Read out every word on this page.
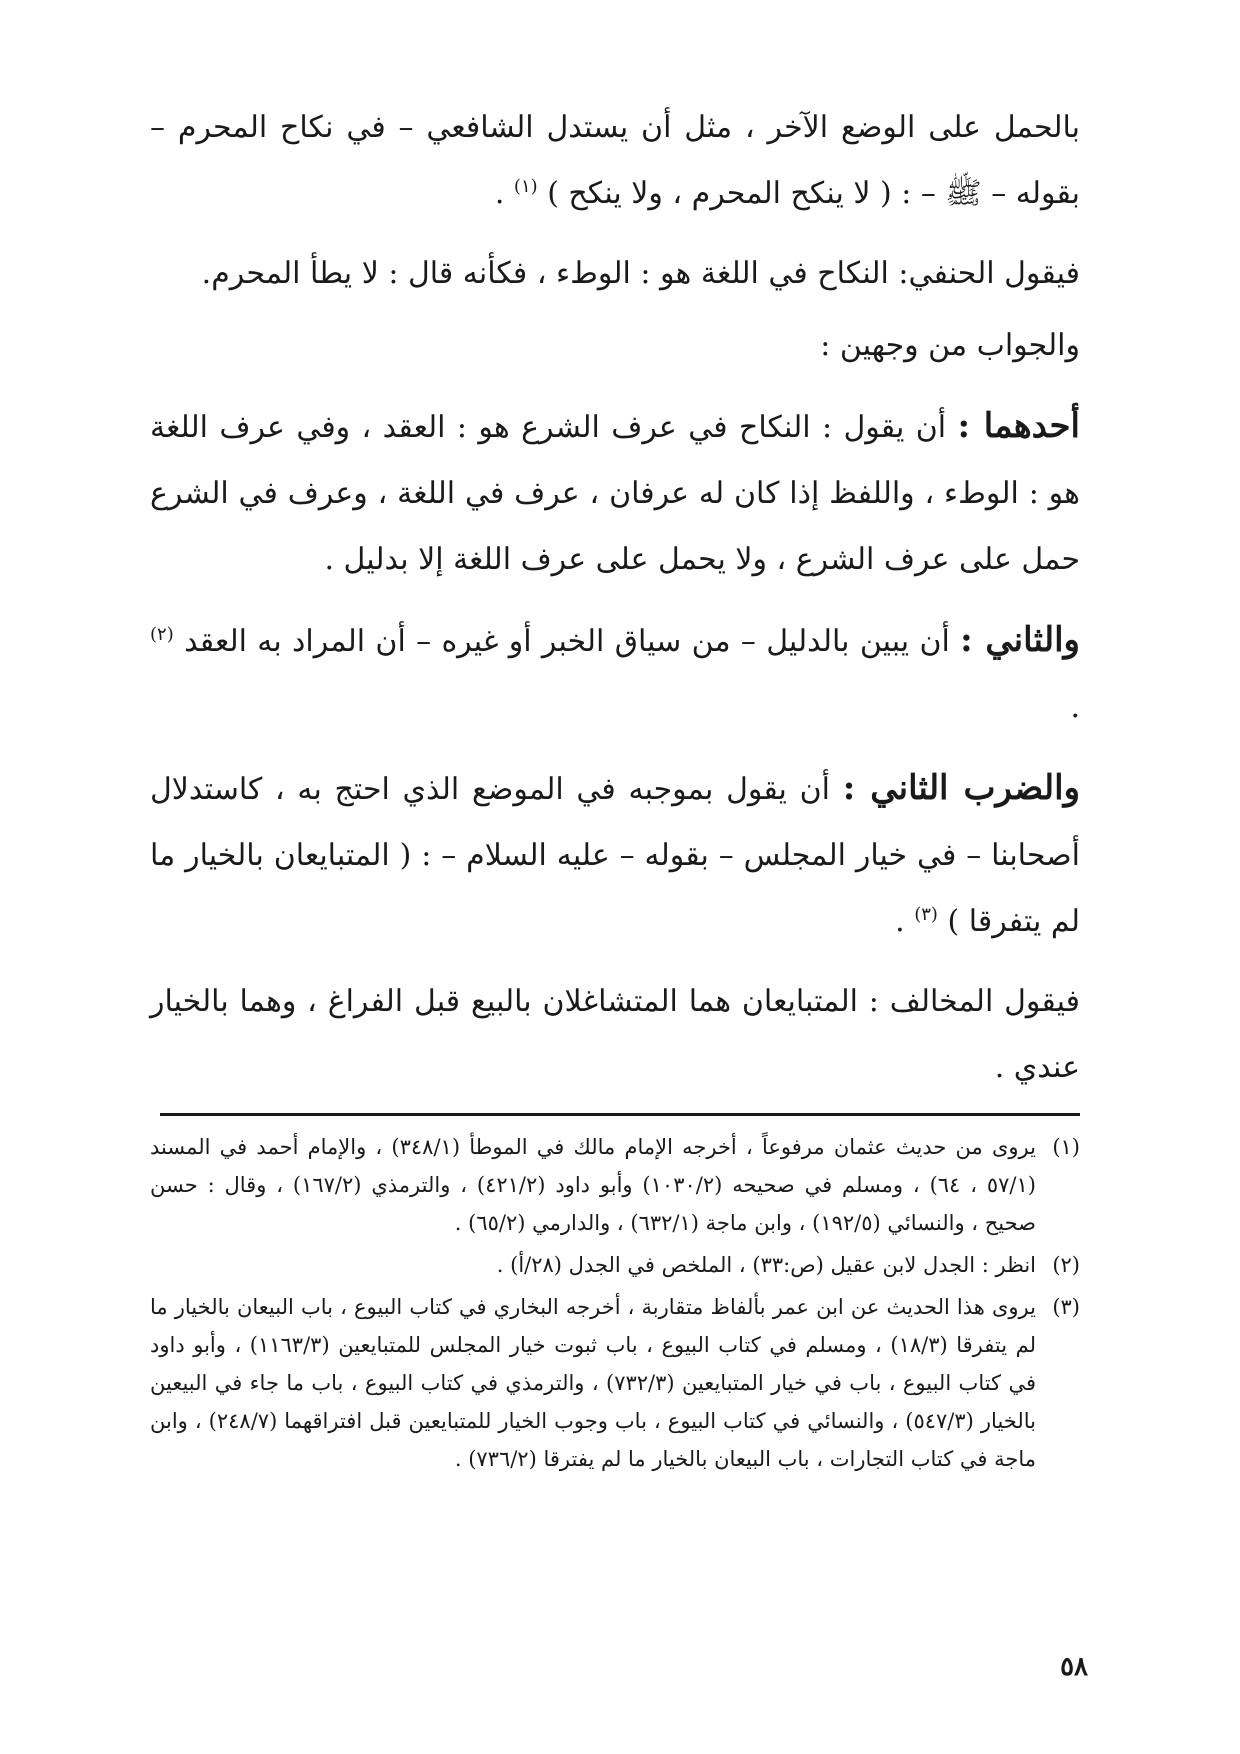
بالحمل على الوضع الآخر ، مثل أن يستدل الشافعي – في نكاح المحرم – بقوله – ﷺ – : ( لا ينكح المحرم ، ولا ينكح ) $^{(١)}$ .

فيقول الحنفي: النكاح في اللغة هو : الوطء ، فكأنه قال : لا يطأ المحرم.

والجواب من وجهين :

أحدهما : أن يقول : النكاح في عرف الشرع هو : العقد ، وفي عرف اللغة هو : الوطء ، واللفظ إذا كان له عرفان ، عرف في اللغة ، وعرف في الشرع حمل على عرف الشرع ، ولا يحمل على عرف اللغة إلا بدليل .

والثاني : أن يبين بالدليل – من سياق الخبر أو غيره – أن المراد به العقد $^{(٢)}$ .

والضرب الثاني : أن يقول بموجبه في الموضع الذي احتج به ، كاستدلال أصحابنا – في خيار المجلس – بقوله – عليه السلام – : ( المتبايعان بالخيار ما لم يتفرقا ) $^{(٣)}$ .

فيقول المخالف : المتبايعان هما المتشاغلان بالبيع قبل الفراغ ، وهما بالخيار عندي .

(١)
يروى من حديث عثمان مرفوعاً ، أخرجه الإمام مالك في الموطأ (٣٤٨/١) ، والإمام أحمد في المسند (٥٧/١ ، ٦٤) ، ومسلم في صحيحه (١٠٣٠/٢) وأبو داود (٤٢١/٢) ، والترمذي (١٦٧/٢) ، وقال : حسن صحيح ، والنسائي (١٩٢/٥) ، وابن ماجة (٦٣٢/١) ، والدارمي (٦٥/٢) .
(٢)
انظر : الجدل لابن عقيل (ص:٣٣) ، الملخص في الجدل (٢٨/أ) .
(٣)
يروى هذا الحديث عن ابن عمر بألفاظ متقاربة ، أخرجه البخاري في كتاب البيوع ، باب البيعان بالخيار ما لم يتفرقا (١٨/٣) ، ومسلم في كتاب البيوع ، باب ثبوت خيار المجلس للمتبايعين (١١٦٣/٣) ، وأبو داود في كتاب البيوع ، باب في خيار المتبايعين (٧٣٢/٣) ، والترمذي في كتاب البيوع ، باب ما جاء في البيعين بالخيار (٥٤٧/٣) ، والنسائي في كتاب البيوع ، باب وجوب الخيار للمتبايعين قبل افتراقهما (٢٤٨/٧) ، وابن ماجة في كتاب التجارات ، باب البيعان بالخيار ما لم يفترقا (٧٣٦/٢) .
٥٨
